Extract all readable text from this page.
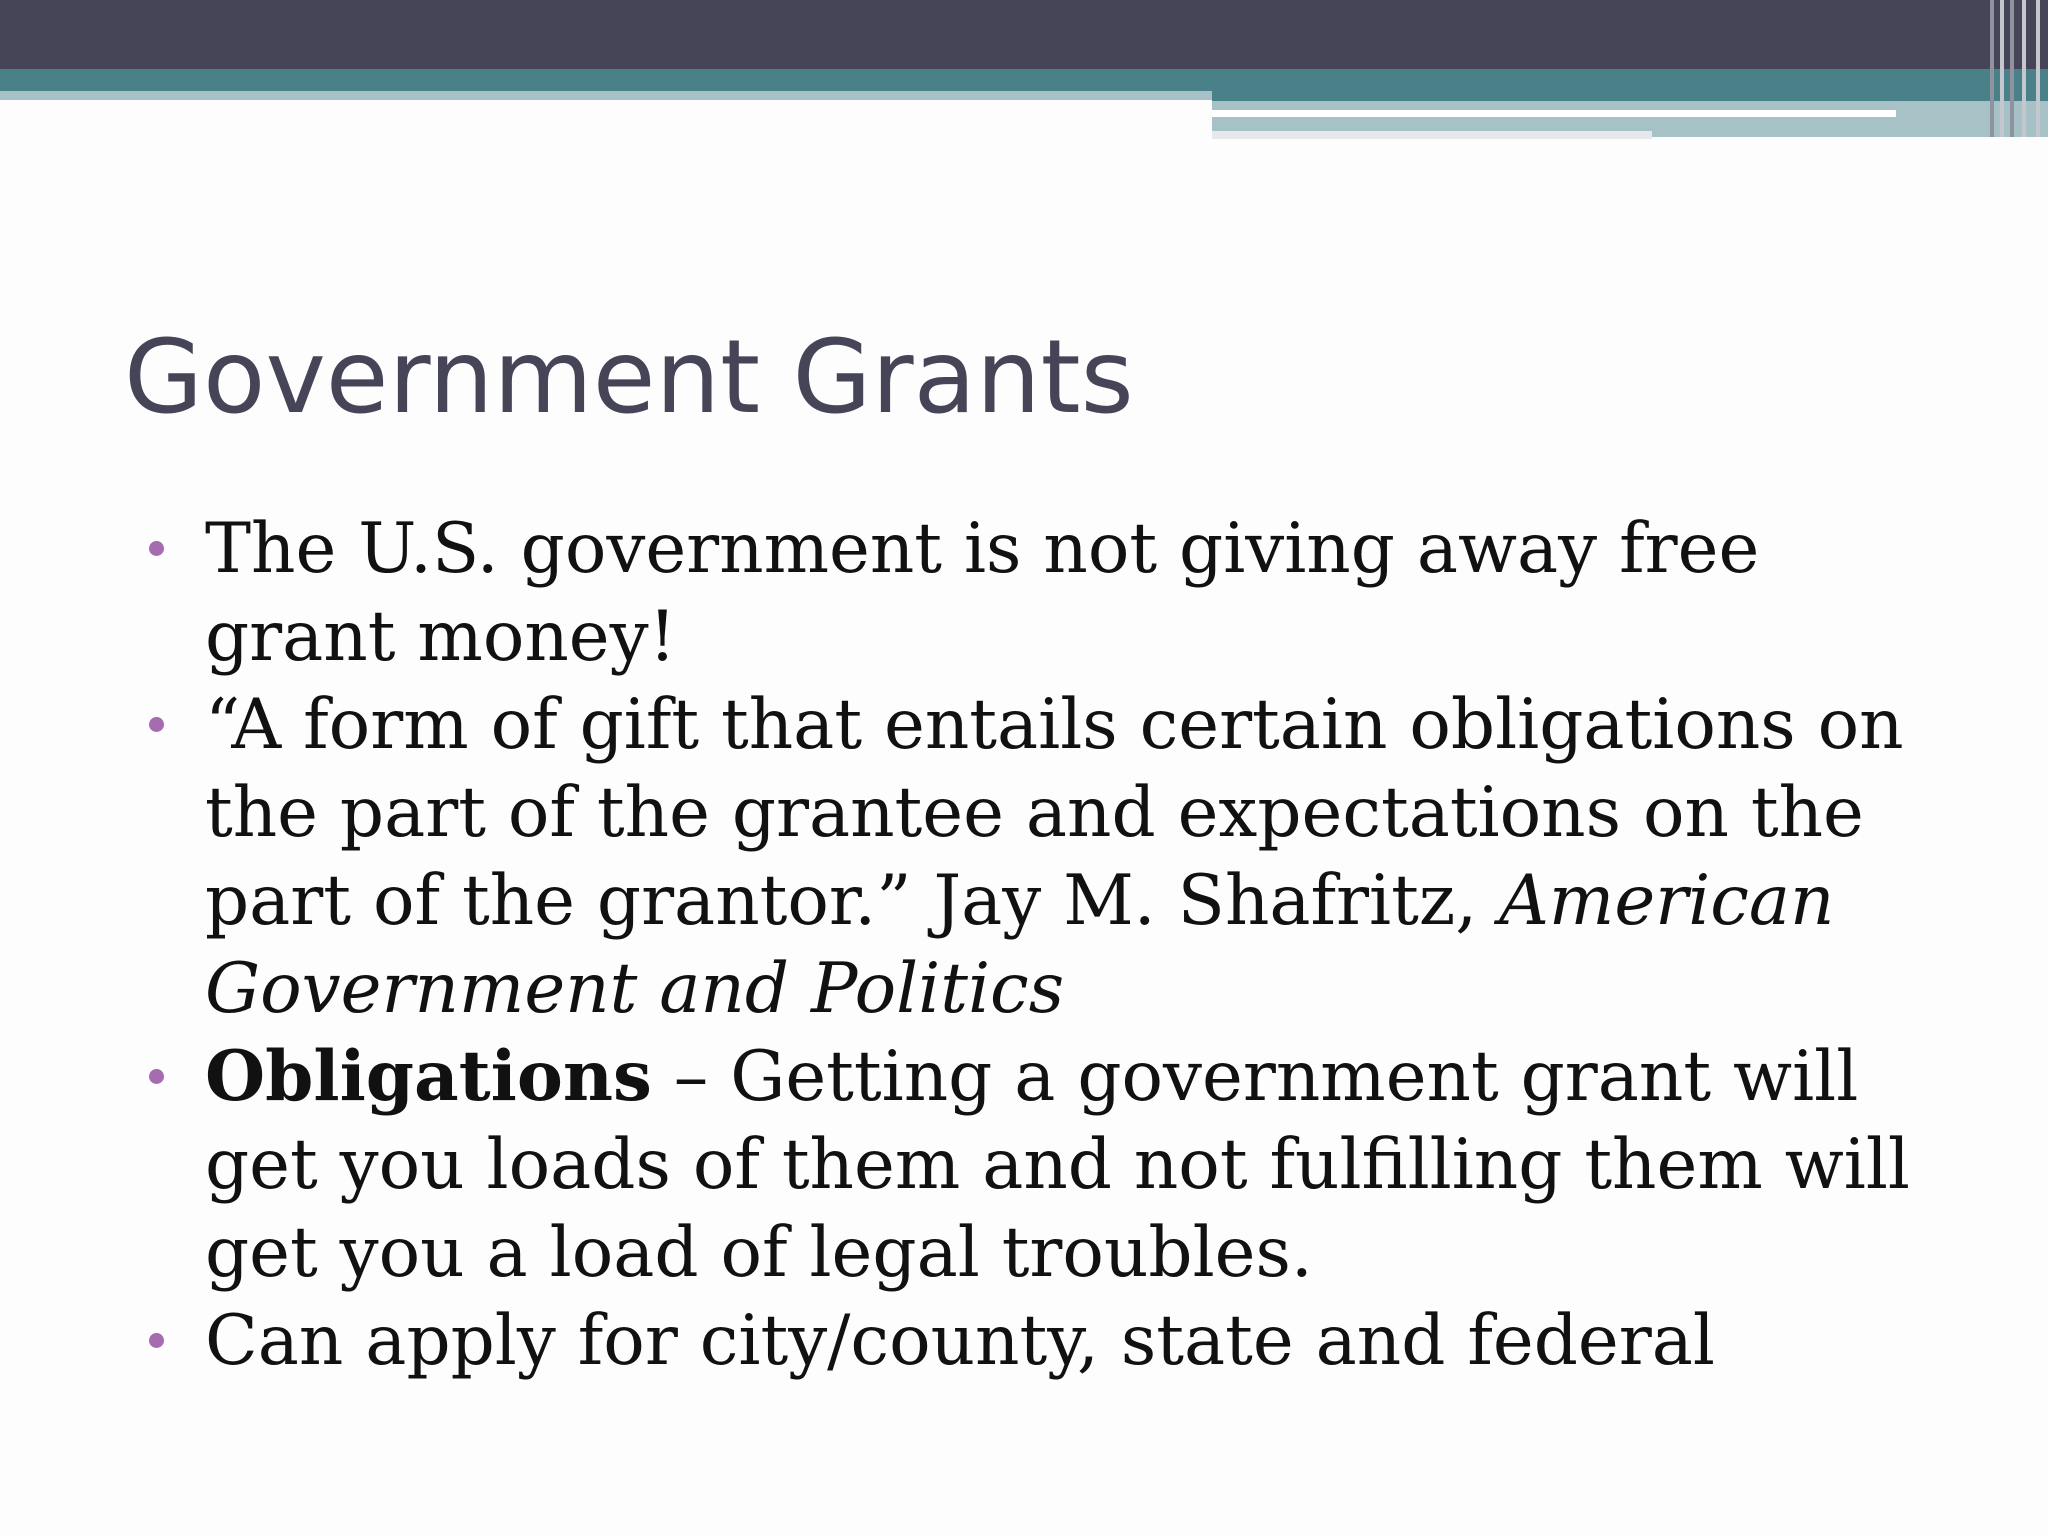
Government Grants
The U.S. government is not giving away free grant money!
“A form of gift that entails certain obligations on the part of the grantee and expectations on the part of the grantor.” Jay M. Shafritz, American Government and Politics
Obligations – Getting a government grant will get you loads of them and not fulfilling them will get you a load of legal troubles.
Can apply for city/county, state and federal
